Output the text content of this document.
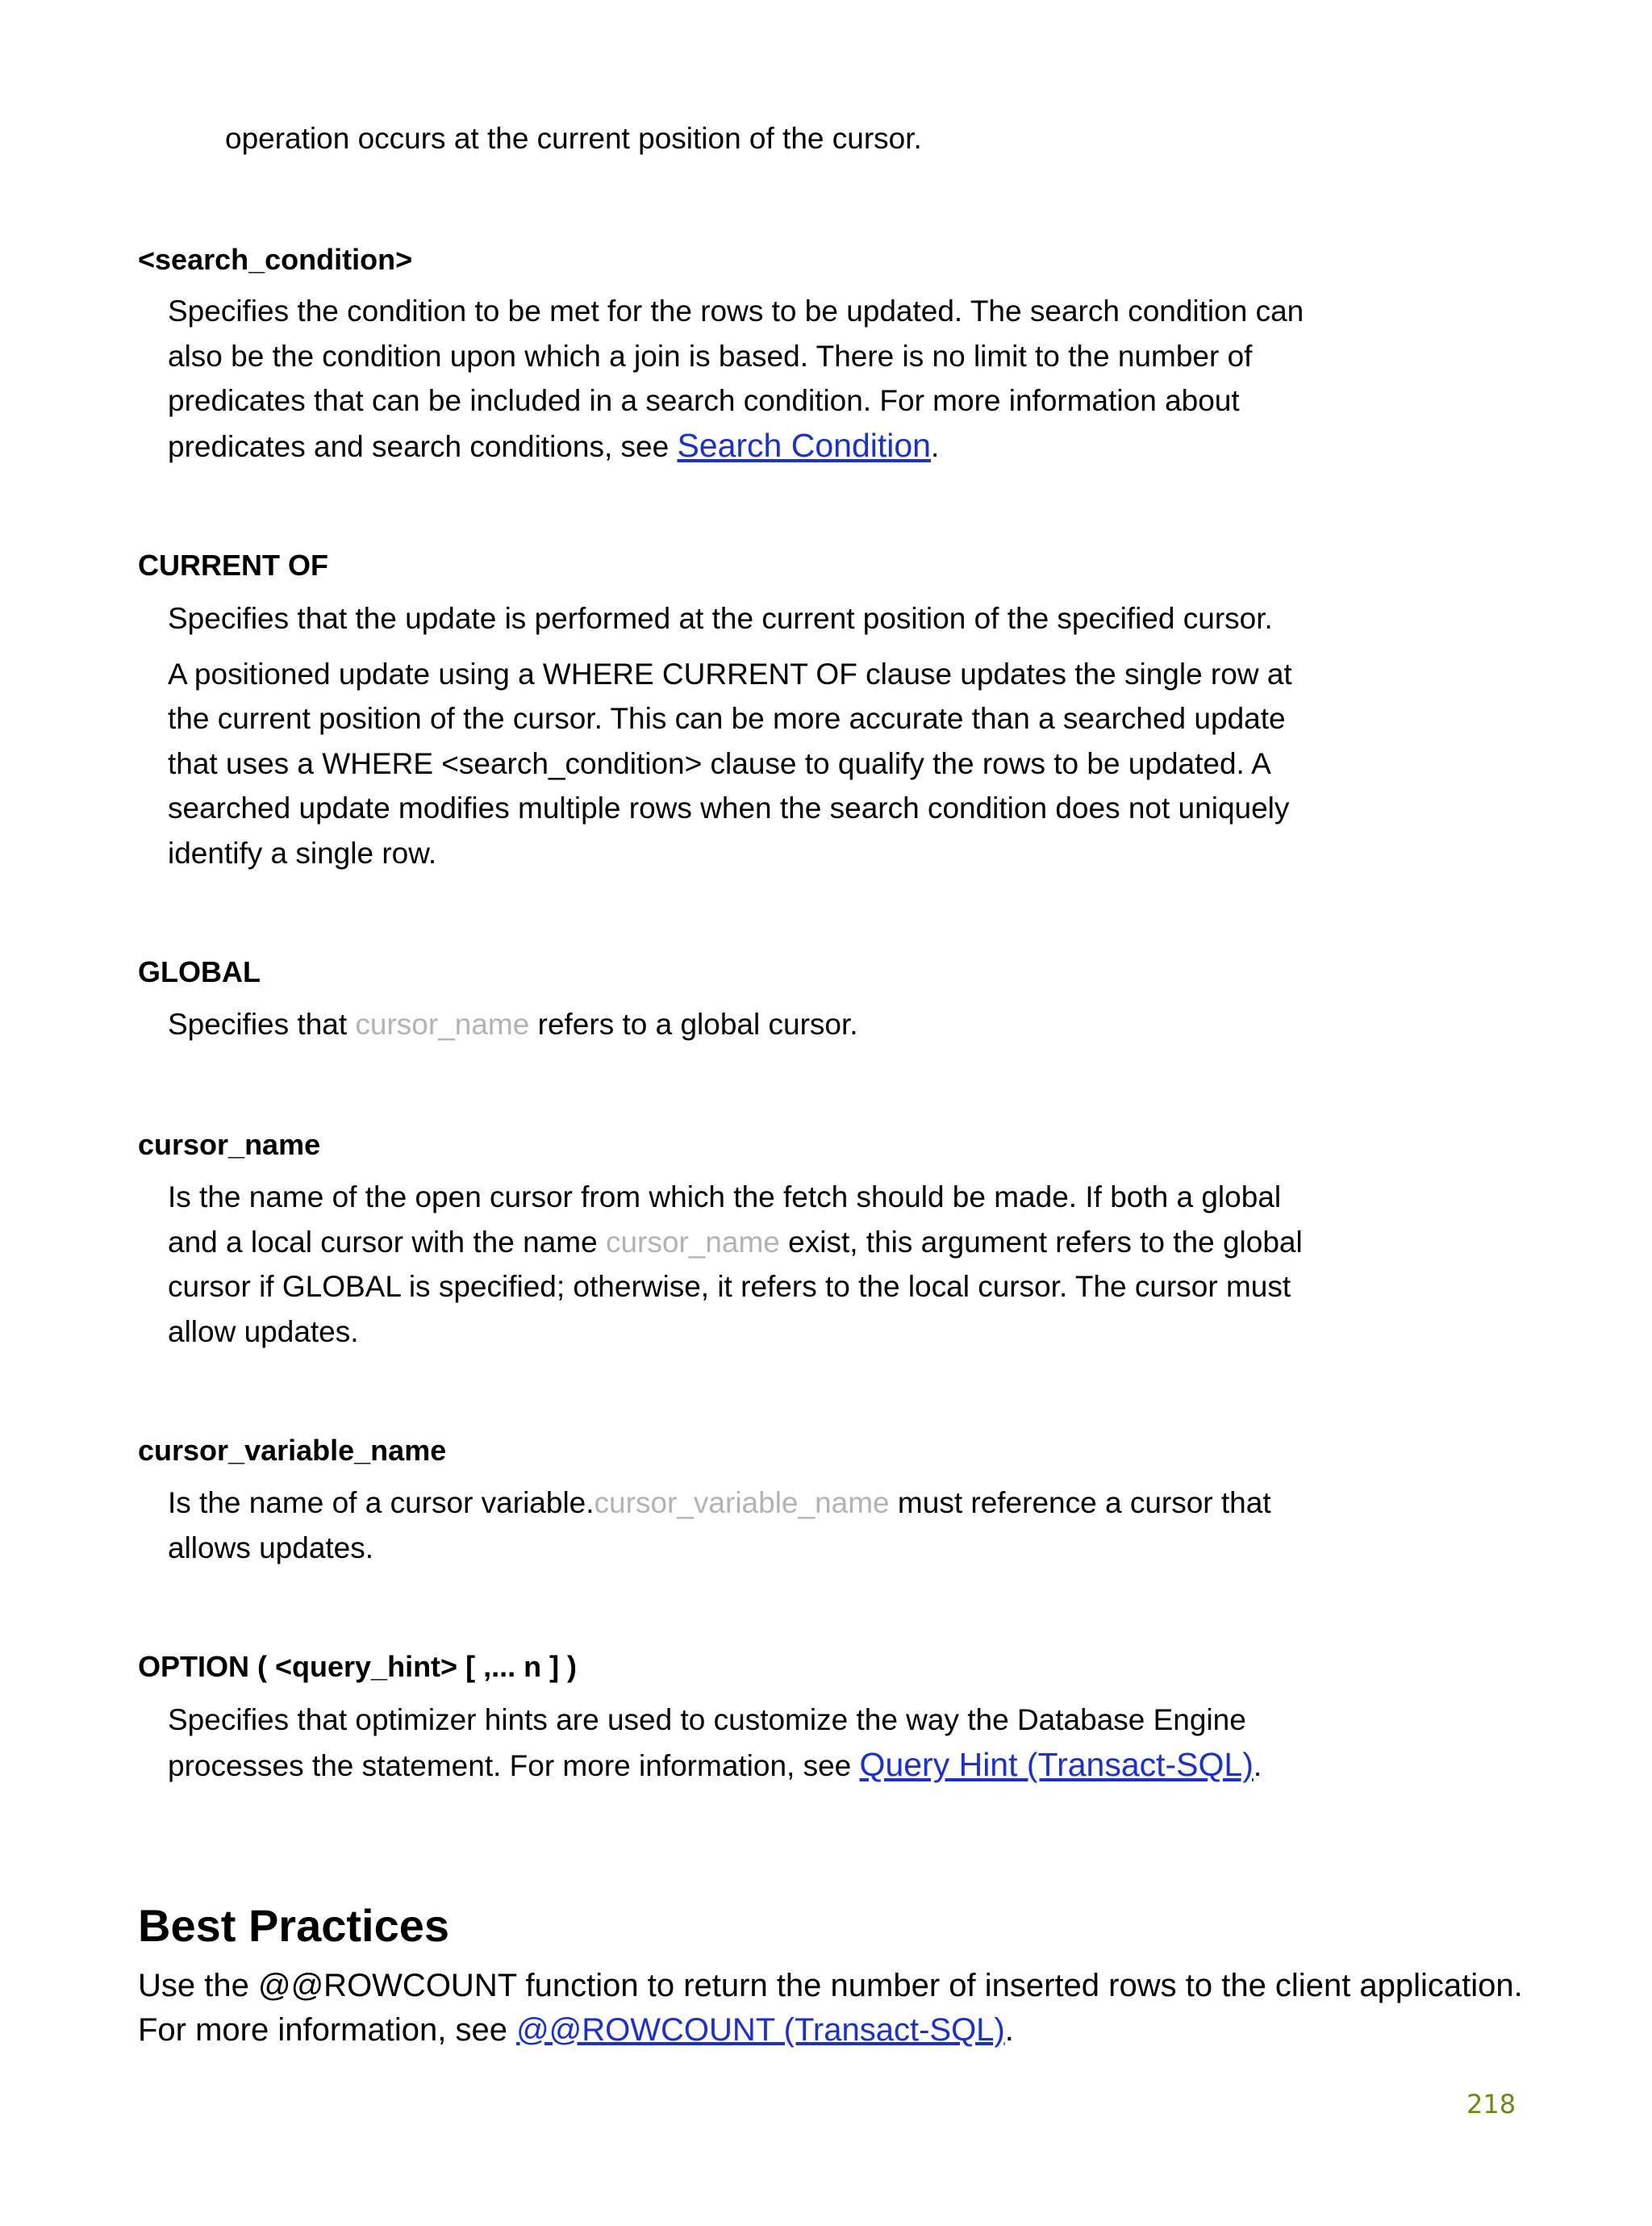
operation occurs at the current position of the cursor.
<search_condition>

Specifies the condition to be met for the rows to be updated. The search condition can

also be the condition upon which a join is based. There is no limit to the number of

predicates that can be included in a search condition. For more information about

predicates and search conditions, see Search Condition.

CURRENT OF

Specifies that the update is performed at the current position of the specified cursor.

A positioned update using a WHERE CURRENT OF clause updates the single row at

the current position of the cursor. This can be more accurate than a searched update

that uses a WHERE <search_condition> clause to qualify the rows to be updated. A

searched update modifies multiple rows when the search condition does not uniquely

identify a single row.

GLOBAL

Specifies that cursor_name refers to a global cursor.

cursor_name

Is the name of the open cursor from which the fetch should be made. If both a global

and a local cursor with the name cursor_name exist, this argument refers to the global

cursor if GLOBAL is specified; otherwise, it refers to the local cursor. The cursor must

allow updates.

cursor_variable_name

Is the name of a cursor variable.cursor_variable_name must reference a cursor that

allows updates.

OPTION ( <query_hint> [ ,... n ] )

Specifies that optimizer hints are used to customize the way the Database Engine

processes the statement. For more information, see Query Hint (Transact-SQL).

Best Practices

Use the @@ROWCOUNT function to return the number of inserted rows to the client application.

For more information, see @@ROWCOUNT (Transact-SQL).

218
